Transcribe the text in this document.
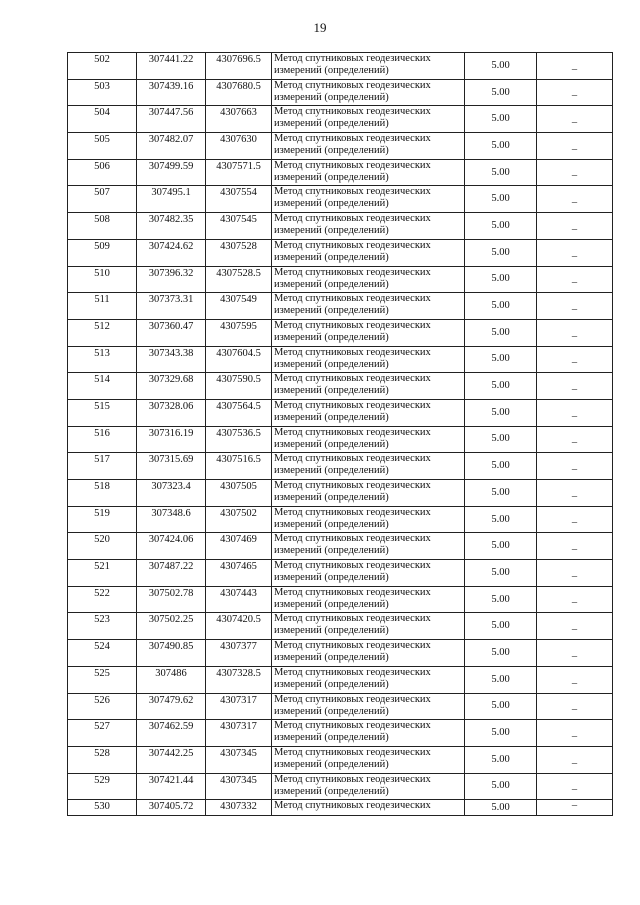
19
502	307441.22	4307696.5	Метод спутниковых геодезических
измерений (определений)	5.00	–
503	307439.16	4307680.5	Метод спутниковых геодезических
измерений (определений)	5.00	–
504	307447.56	4307663	Метод спутниковых геодезических
измерений (определений)	5.00	–
505	307482.07	4307630	Метод спутниковых геодезических
измерений (определений)	5.00	–
506	307499.59	4307571.5	Метод спутниковых геодезических
измерений (определений)	5.00	–
507	307495.1	4307554	Метод спутниковых геодезических
измерений (определений)	5.00	–
508	307482.35	4307545	Метод спутниковых геодезических
измерений (определений)	5.00	–
509	307424.62	4307528	Метод спутниковых геодезических
измерений (определений)	5.00	–
510	307396.32	4307528.5	Метод спутниковых геодезических
измерений (определений)	5.00	–
511	307373.31	4307549	Метод спутниковых геодезических
измерений (определений)	5.00	–
512	307360.47	4307595	Метод спутниковых геодезических
измерений (определений)	5.00	–
513	307343.38	4307604.5	Метод спутниковых геодезических
измерений (определений)	5.00	–
514	307329.68	4307590.5	Метод спутниковых геодезических
измерений (определений)	5.00	–
515	307328.06	4307564.5	Метод спутниковых геодезических
измерений (определений)	5.00	–
516	307316.19	4307536.5	Метод спутниковых геодезических
измерений (определений)	5.00	–
517	307315.69	4307516.5	Метод спутниковых геодезических
измерений (определений)	5.00	–
518	307323.4	4307505	Метод спутниковых геодезических
измерений (определений)	5.00	–
519	307348.6	4307502	Метод спутниковых геодезических
измерений (определений)	5.00	–
520	307424.06	4307469	Метод спутниковых геодезических
измерений (определений)	5.00	–
521	307487.22	4307465	Метод спутниковых геодезических
измерений (определений)	5.00	–
522	307502.78	4307443	Метод спутниковых геодезических
измерений (определений)	5.00	–
523	307502.25	4307420.5	Метод спутниковых геодезических
измерений (определений)	5.00	–
524	307490.85	4307377	Метод спутниковых геодезических
измерений (определений)	5.00	–
525	307486	4307328.5	Метод спутниковых геодезических
измерений (определений)	5.00	–
526	307479.62	4307317	Метод спутниковых геодезических
измерений (определений)	5.00	–
527	307462.59	4307317	Метод спутниковых геодезических
измерений (определений)	5.00	–
528	307442.25	4307345	Метод спутниковых геодезических
измерений (определений)	5.00	–
529	307421.44	4307345	Метод спутниковых геодезических
измерений (определений)	5.00	–
530	307405.72	4307332	Метод спутниковых геодезических	5.00	–
